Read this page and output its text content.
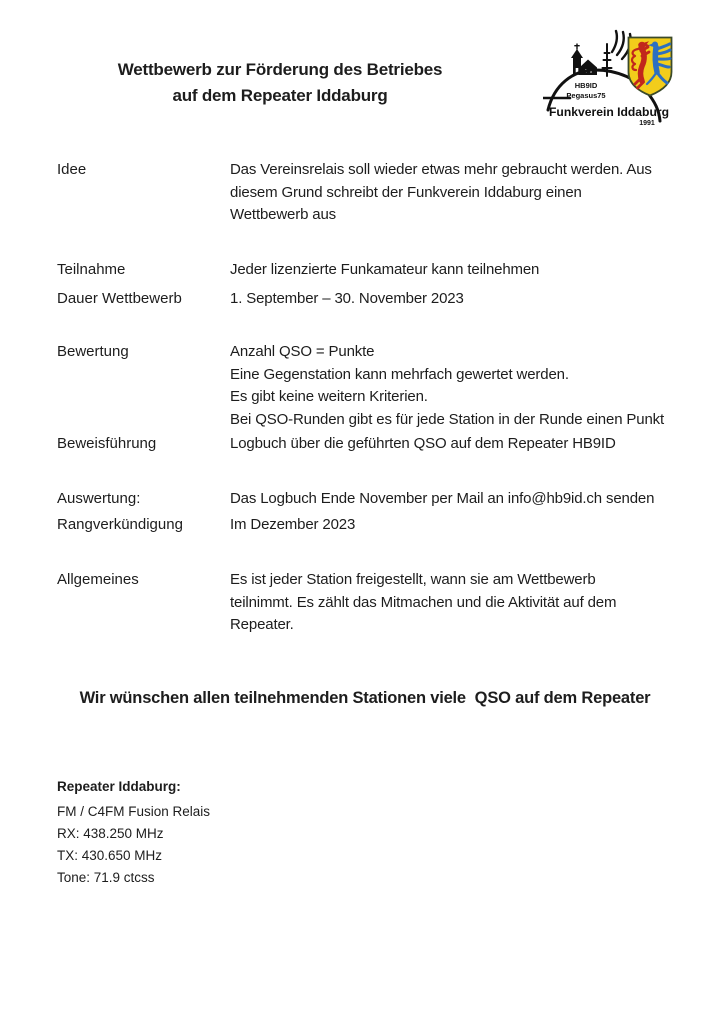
Wettbewerb zur Förderung des Betriebes
auf dem Repeater Iddaburg
HB9ID
Pegasus75
Funkverein Iddaburg
1991
Idee	Das Vereinsrelais soll wieder etwas mehr gebraucht werden. Aus
diesem Grund schreibt der Funkverein Iddaburg einen
Wettbewerb aus
Teilnahme	Jeder lizenzierte Funkamateur kann teilnehmen
Dauer Wettbewerb	1. September – 30. November 2023
Bewertung	Anzahl QSO = Punkte
Eine Gegenstation kann mehrfach gewertet werden.
Es gibt keine weitern Kriterien.
Bei QSO-Runden gibt es für jede Station in der Runde einen Punkt
Beweisführung	Logbuch über die geführten QSO auf dem Repeater HB9ID
Auswertung:	Das Logbuch Ende November per Mail an info@hb9id.ch senden
Rangverkündigung	Im Dezember 2023
Allgemeines	Es ist jeder Station freigestellt, wann sie am Wettbewerb
teilnimmt. Es zählt das Mitmachen und die Aktivität auf dem
Repeater.
Wir wünschen allen teilnehmenden Stationen viele  QSO auf dem Repeater
Repeater Iddaburg:
FM / C4FM Fusion Relais
RX: 438.250 MHz
TX: 430.650 MHz
Tone: 71.9 ctcss
